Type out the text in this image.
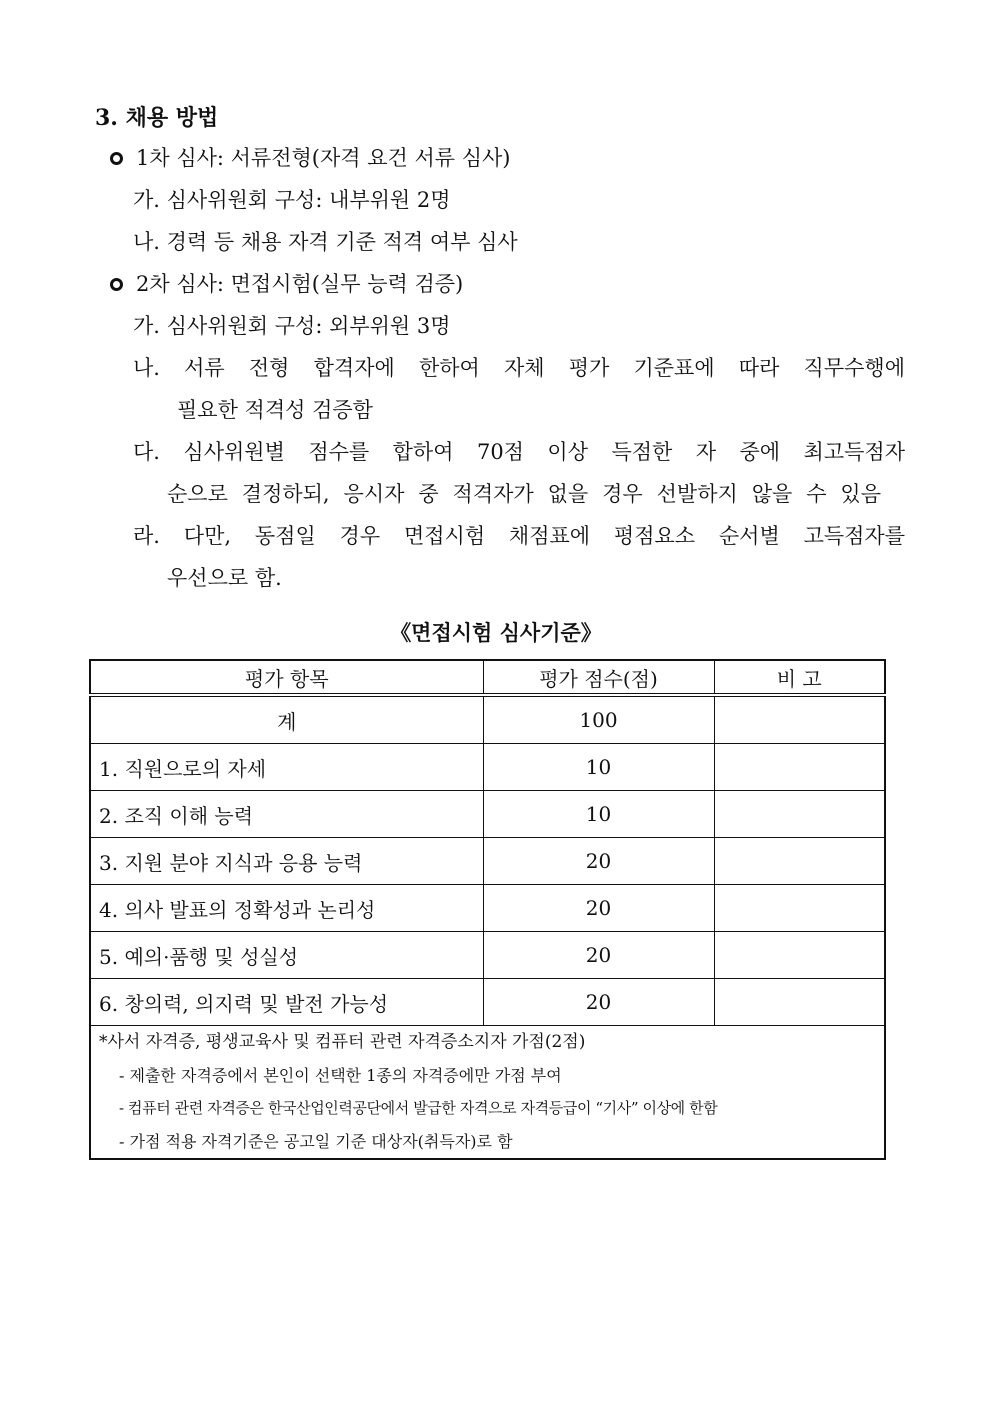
3. 채용 방법
1차 심사: 서류전형(자격 요건 서류 심사)
가. 심사위원회 구성: 내부위원 2명
나. 경력 등 채용 자격 기준 적격 여부 심사
2차 심사: 면접시험(실무 능력 검증)
가. 심사위원회 구성: 외부위원 3명
나. 서류 전형 합격자에 한하여 자체 평가 기준표에 따라 직무수행에
필요한 적격성 검증함
다. 심사위원별 점수를 합하여 70점 이상 득점한 자 중에 최고득점자
순으로 결정하되, 응시자 중 적격자가 없을 경우 선발하지 않을 수 있음
라. 다만, 동점일 경우 면접시험 채점표에 평점요소 순서별 고득점자를
우선으로 함.
《면접시험 심사기준》
평가 항목	평가 점수(점)	비 고
계	100	
1. 직원으로의 자세	10	
2. 조직 이해 능력	10	
3. 지원 분야 지식과 응용 능력	20	
4. 의사 발표의 정확성과 논리성	20	
5. 예의·품행 및 성실성	20	
6. 창의력, 의지력 및 발전 가능성	20	

*사서 자격증, 평생교육사 및 컴퓨터 관련 자격증소지자 가점(2점)
- 제출한 자격증에서 본인이 선택한 1종의 자격증에만 가점 부여
- 컴퓨터 관련 자격증은 한국산업인력공단에서 발급한 자격으로 자격등급이 “기사” 이상에 한함
- 가점 적용 자격기준은 공고일 기준 대상자(취득자)로 함		
